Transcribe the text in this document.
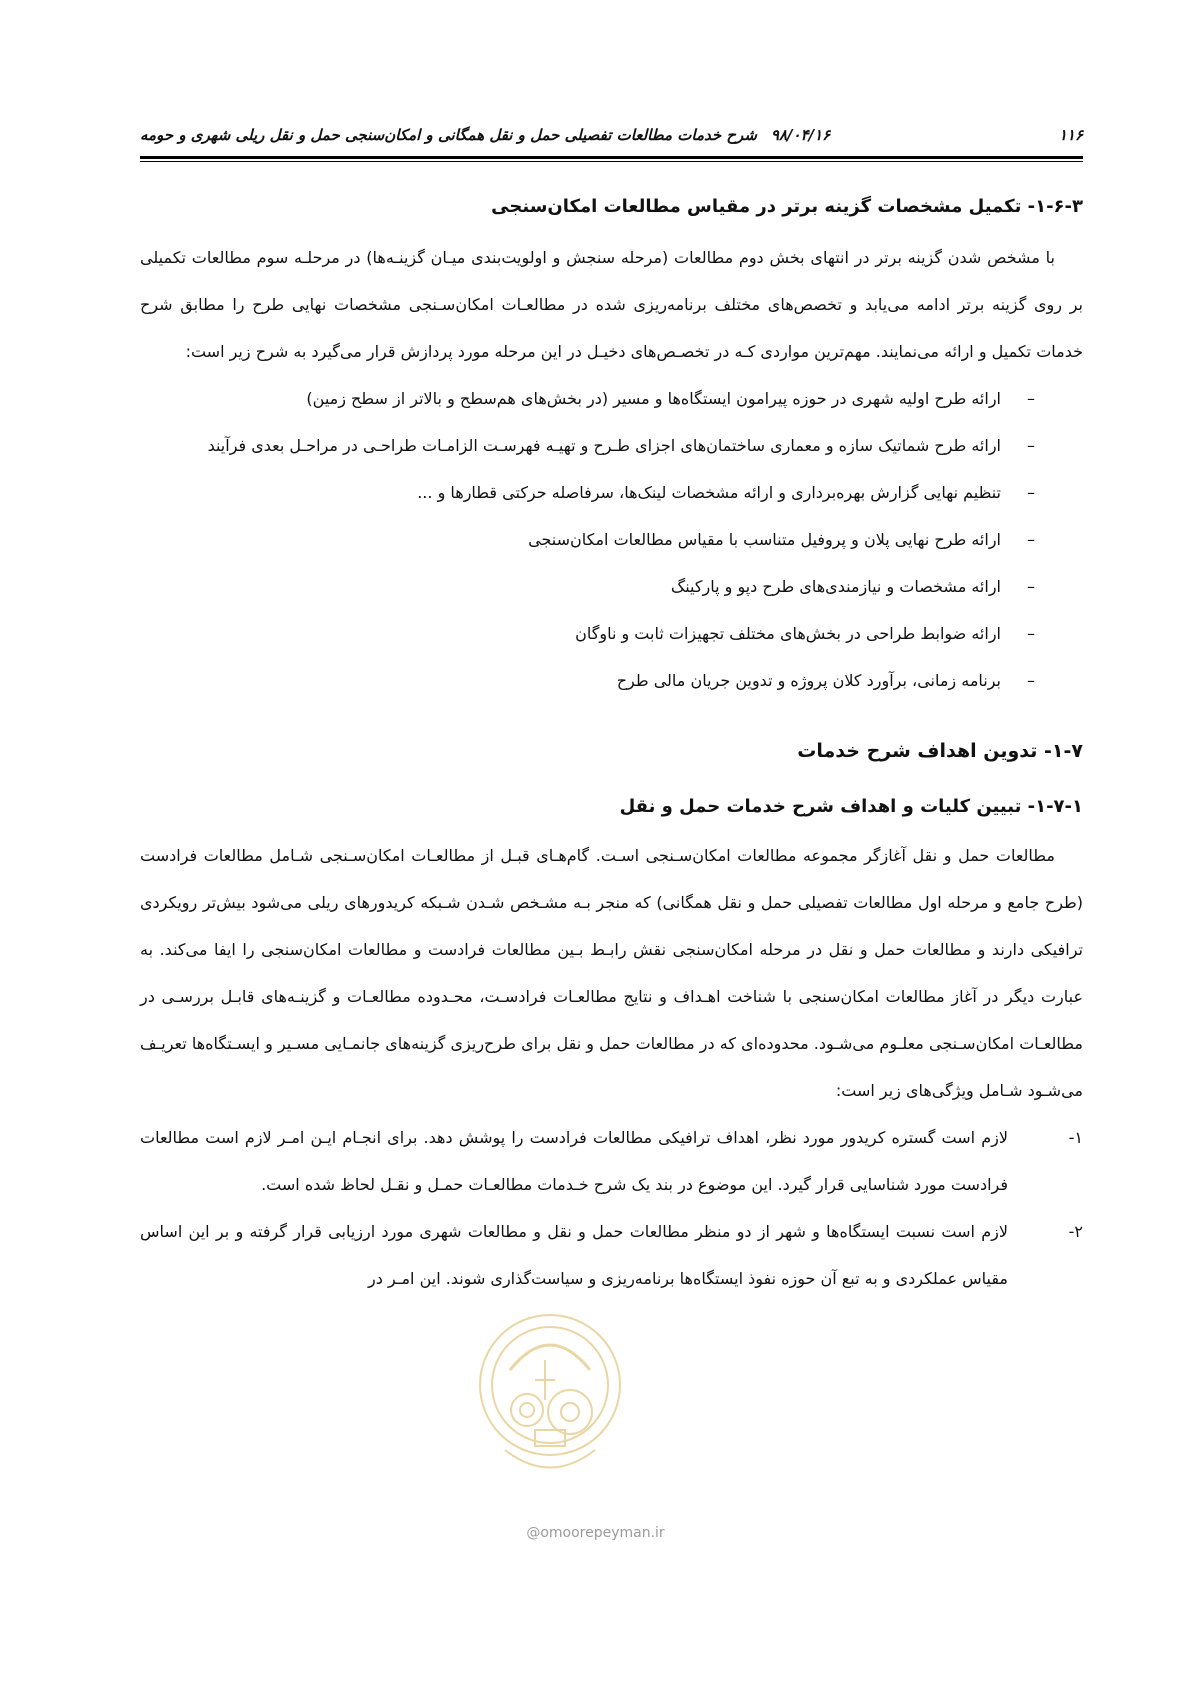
۱۱۶
۹۸/۰۴/۱۶شرح خدمات مطالعات تفصیلی حمل و نقل همگانی و امکان‌سنجی حمل و نقل ریلی شهری و حومه
۱-۶-۳- تکمیل مشخصات گزینه برتر در مقیاس مطالعات امکان‌سنجی

با مشخص شدن گزینه برتر در انتهای بخش دوم مطالعات (مرحله سنجش و اولویت‌بندی میـان گزینـه‌ها) در مرحلـه سوم مطالعات تکمیلی بر روی گزینه برتر ادامه می‌یابد و تخصص‌های مختلف برنامه‌ریزی شده در مطالعـات امکان‌سـنجی مشخصات نهایی طرح را مطابق شرح خدمات تکمیل و ارائه می‌نمایند. مهم‌ترین مواردی کـه در تخصـص‌های دخیـل در این مرحله مورد پردازش قرار می‌گیرد به شرح زیر است:

–
ارائه طرح اولیه شهری در حوزه پیرامون ایستگاه‌ها و مسیر (در بخش‌های هم‌سطح و بالاتر از سطح زمین)
–
ارائه طرح شماتیک سازه و معماری ساختمان‌های اجزای طـرح و تهیـه فهرسـت الزامـات طراحـی در مراحـل بعدی فرآیند
–
تنظیم نهایی گزارش بهره‌برداری و ارائه مشخصات لینک‌ها، سرفاصله حرکتی قطارها و ...
–
ارائه طرح نهایی پلان و پروفیل متناسب با مقیاس مطالعات امکان‌سنجی
–
ارائه مشخصات و نیازمندی‌های طرح دپو و پارکینگ
–
ارائه ضوابط طراحی در بخش‌های مختلف تجهیزات ثابت و ناوگان
–
برنامه زمانی، برآورد کلان پروژه و تدوین جریان مالی طرح
۱-۷- تدوین اهداف شرح خدمات
۱-۷-۱- تبیین کلیات و اهداف شرح خدمات حمل و نقل

مطالعات حمل و نقل آغازگر مجموعه مطالعات امکان‌سـنجی اسـت. گام‌هـای قبـل از مطالعـات امکان‌سـنجی شـامل مطالعات فرادست (طرح جامع و مرحله اول مطالعات تفصیلی حمل و نقل همگانی) که منجر بـه مشـخص شـدن شـبکه کریدورهای ریلی می‌شود بیش‌تر رویکردی ترافیکی دارند و مطالعات حمل و نقل در مرحله امکان‌سنجی نقش رابـط بـین مطالعات فرادست و مطالعات امکان‌سنجی را ایفا می‌کند. به عبارت دیگر در آغاز مطالعات امکان‌سنجی با شناخت اهـداف و نتایج مطالعـات فرادسـت، محـدوده مطالعـات و گزینـه‌های قابـل بررسـی در مطالعـات امکان‌سـنجی معلـوم می‌شـود. محدوده‌ای که در مطالعات حمل و نقل برای طرح‌ریزی گزینه‌های جانمـایی مسـیر و ایسـتگاه‌ها تعریـف می‌شـود شـامل ویژگی‌های زیر است:

۱-
لازم است گستره کریدور مورد نظر، اهداف ترافیکی مطالعات فرادست را پوشش دهد. برای انجـام ایـن امـر لازم است مطالعات فرادست مورد شناسایی قرار گیرد. این موضوع در بند یک شرح خـدمات مطالعـات حمـل و نقـل لحاظ شده است.
۲-
لازم است نسبت ایستگاه‌ها و شهر از دو منظر مطالعات حمل و نقل و مطالعات شهری مورد ارزیابی قرار گرفته و بر این اساس مقیاس عملکردی و به تبع آن حوزه نفوذ ایستگاه‌ها برنامه‌ریزی و سیاست‌گذاری شوند. این امـر در
@omoorepeyman.ir
